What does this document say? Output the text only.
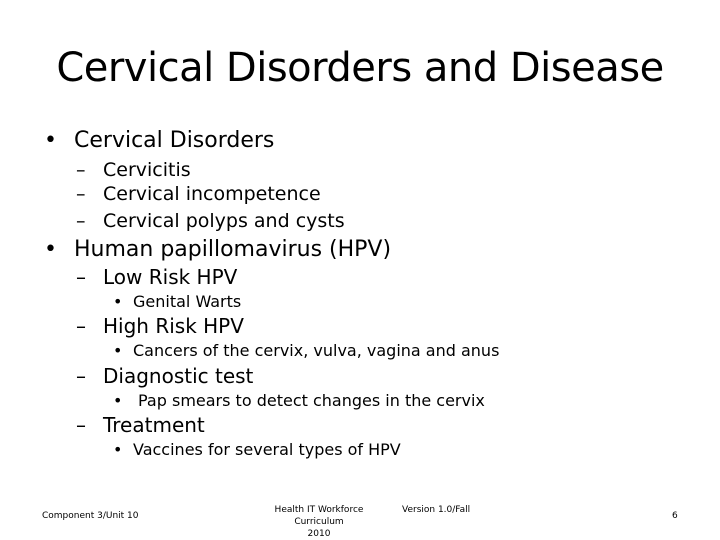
Cervical Disorders and Disease
• Cervical Disorders
– Cervicitis
– Cervical incompetence
– Cervical polyps and cysts
• Human papillomavirus (HPV)
– Low Risk HPV
• Genital Warts
– High Risk HPV
• Cancers of the cervix, vulva, vagina and anus
– Diagnostic test
• Pap smears to detect changes in the cervix
– Treatment
• Vaccines for several types of HPV
Component 3/Unit 10
Health IT Workforce Curriculum
2010
Version 1.0/Fall
6
